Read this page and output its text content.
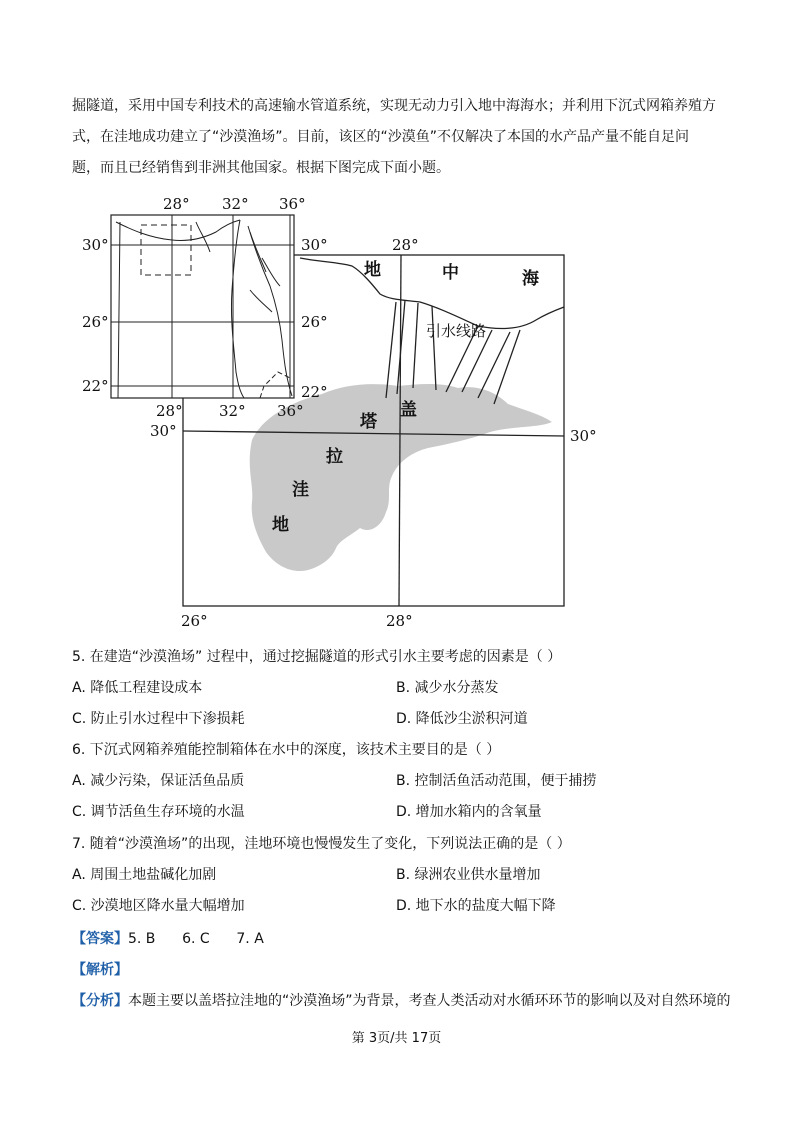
掘隧道，采用中国专利技术的高速输水管道系统，实现无动力引入地中海海水；并利用下沉式网箱养殖方
式，在洼地成功建立了“沙漠渔场”。目前，该区的“沙漠鱼”不仅解决了本国的水产品产量不能自足问
题，而且已经销售到非洲其他国家。根据下图完成下面小题。
28° 32° 36°
28° 32° 36°
30°
26°
22°
30°
26°
22°
28°
26°	28°
30°	30°
地	中	海
引水线路
塔
盖
拉
洼
地
5. 在建造“沙漠渔场” 过程中，通过挖掘隧道的形式引水主要考虑的因素是（ ）
A. 降低工程建设成本	B. 减少水分蒸发
C. 防止引水过程中下渗损耗	D. 降低沙尘淤积河道
6. 下沉式网箱养殖能控制箱体在水中的深度，该技术主要目的是（ ）
A. 减少污染，保证活鱼品质	B. 控制活鱼活动范围，便于捕捞
C. 调节活鱼生存环境的水温	D. 增加水箱内的含氧量
7. 随着“沙漠渔场”的出现，洼地环境也慢慢发生了变化，下列说法正确的是（ ）
A. 周围土地盐碱化加剧	B. 绿洲农业供水量增加
C. 沙漠地区降水量大幅增加	D. 地下水的盐度大幅下降
【答案】5. B      6. C      7. A
【解析】
【分析】本题主要以盖塔拉洼地的“沙漠渔场”为背景，考查人类活动对水循环环节的影响以及对自然环境的
第 3页/共 17页
